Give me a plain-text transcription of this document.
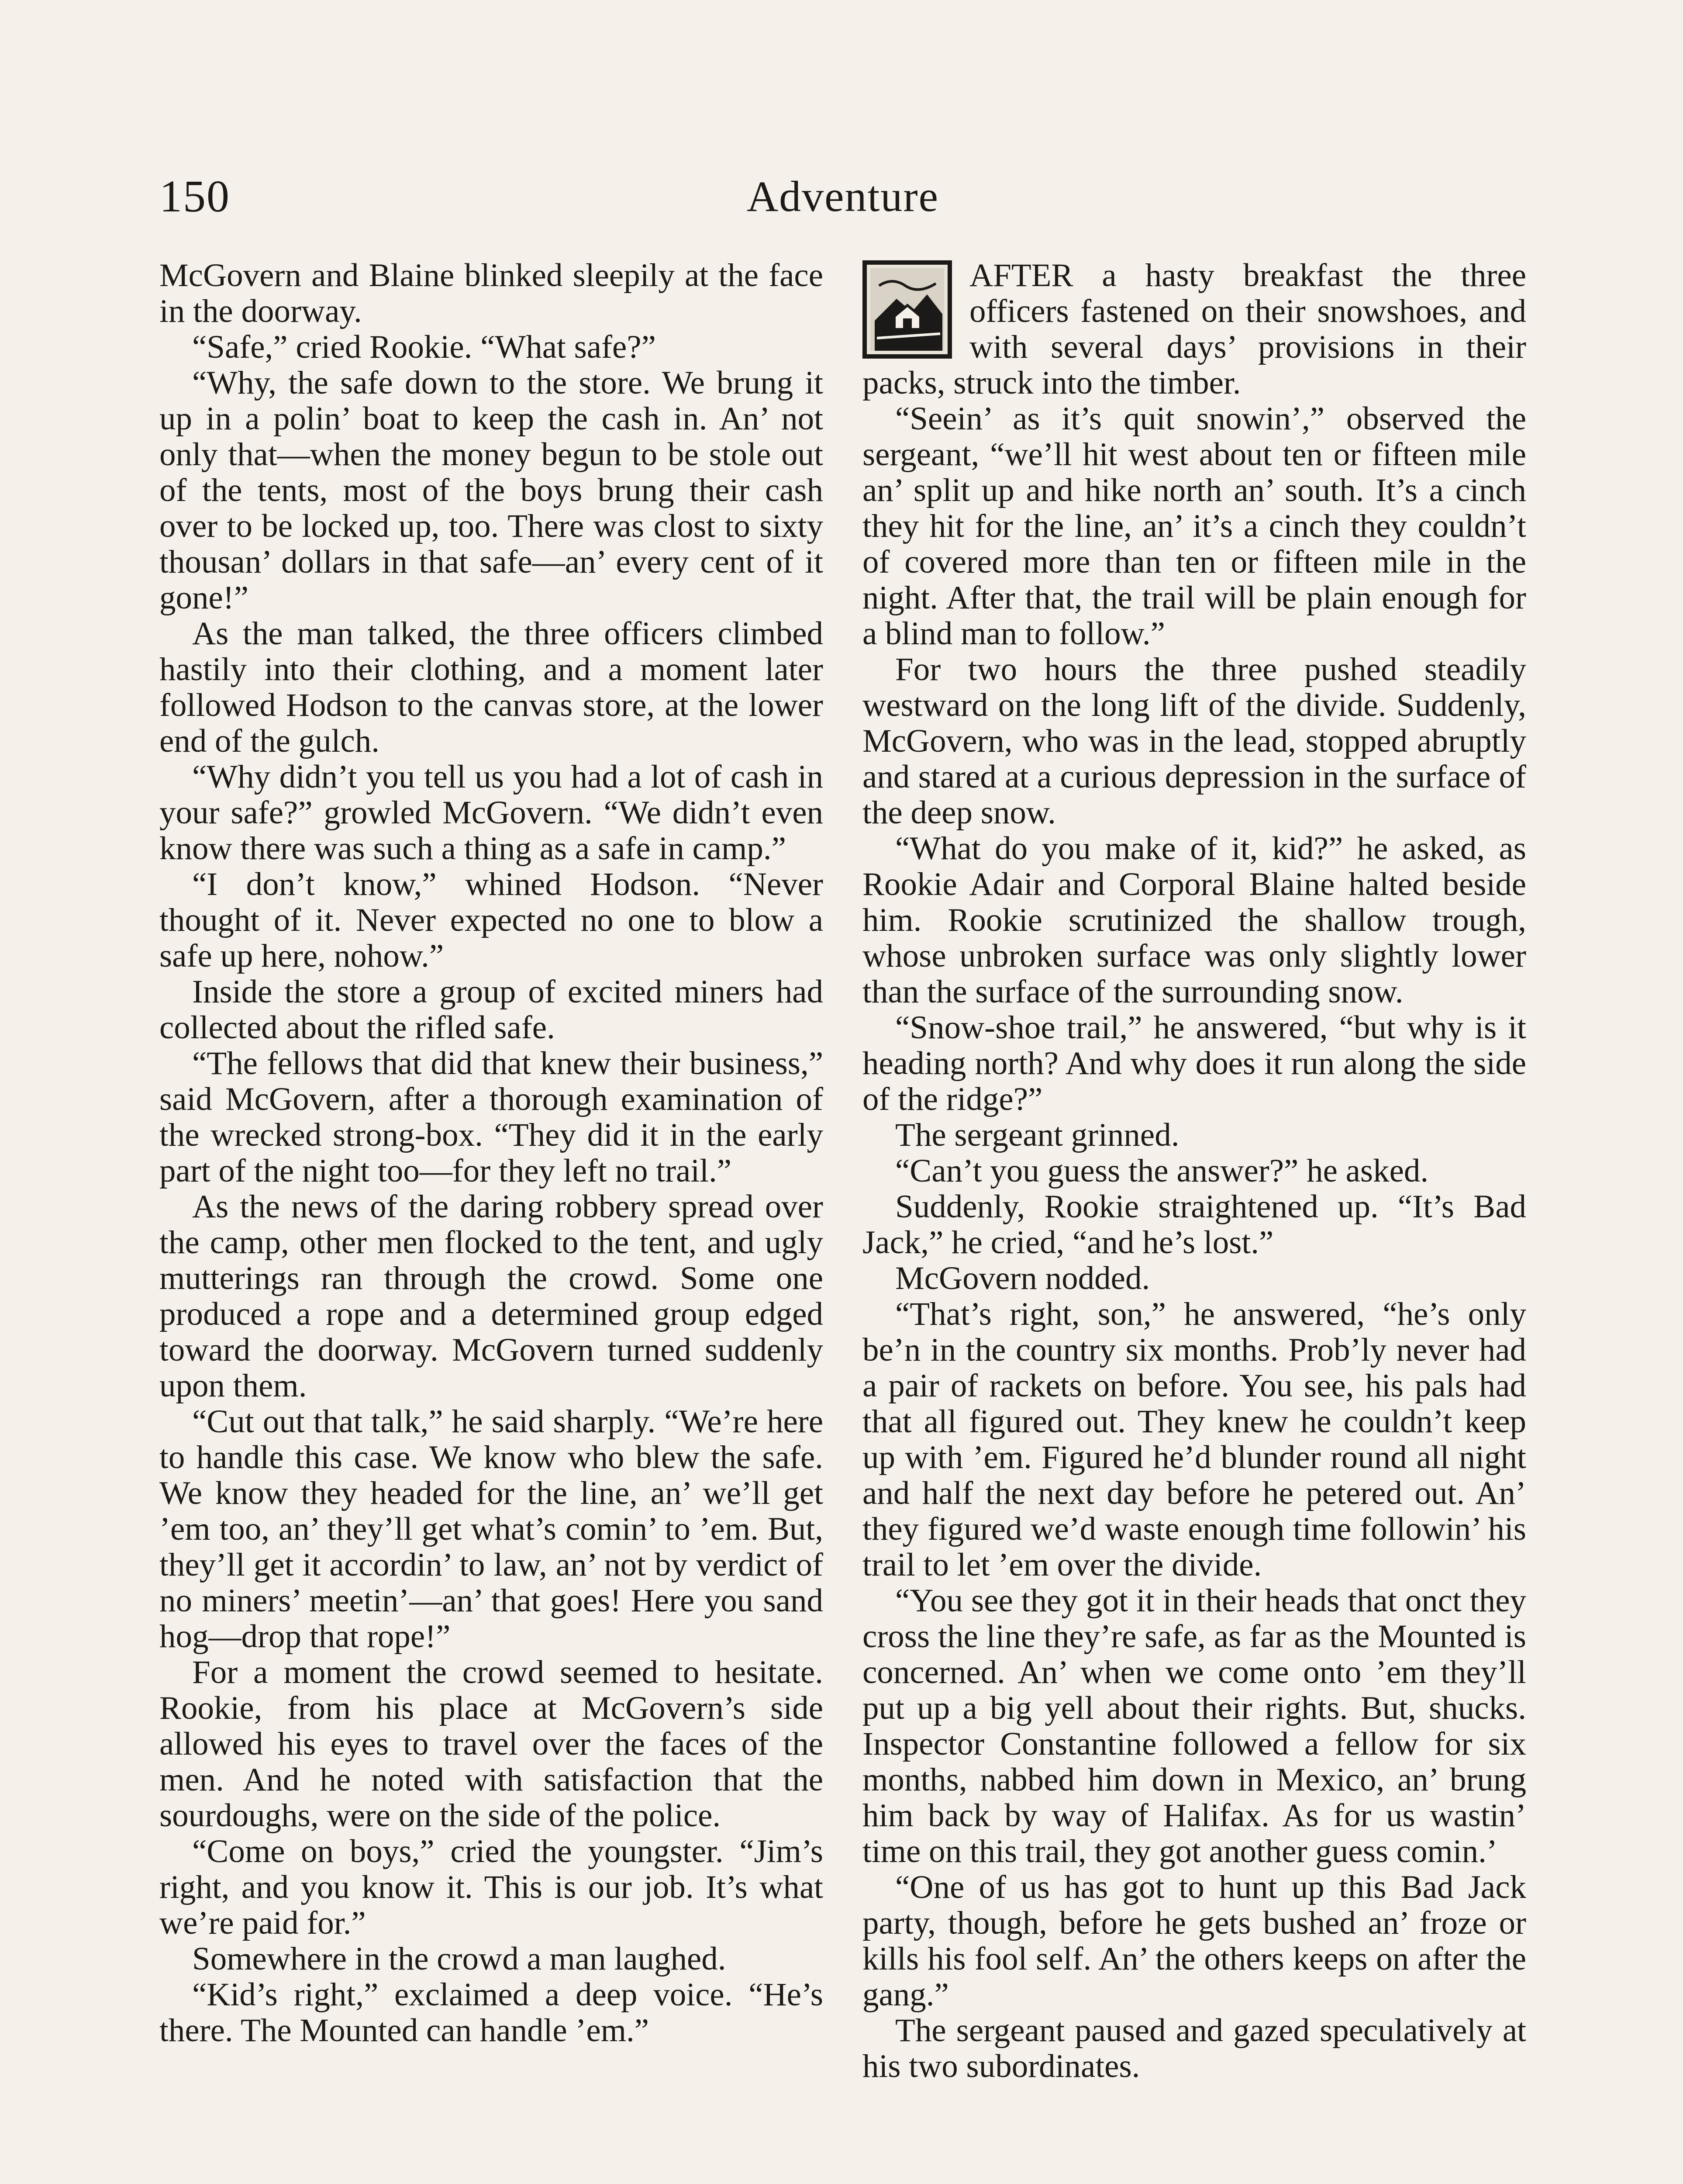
150	Adventure

McGovern and Blaine blinked sleepily at the face in the doorway.

“Safe,” cried Rookie. “What safe?”

“Why, the safe down to the store. We brung it up in a polin’ boat to keep the cash in. An’ not only that—when the money begun to be stole out of the tents, most of the boys brung their cash over to be locked up, too. There was clost to sixty thousan’ dollars in that safe—an’ every cent of it gone!”

As the man talked, the three officers climbed hastily into their clothing, and a moment later followed Hodson to the canvas store, at the lower end of the gulch.

“Why didn’t you tell us you had a lot of cash in your safe?” growled McGovern. “We didn’t even know there was such a thing as a safe in camp.”

“I don’t know,” whined Hodson. “Never thought of it. Never expected no one to blow a safe up here, nohow.”

Inside the store a group of excited miners had collected about the rifled safe.

“The fellows that did that knew their business,” said McGovern, after a thorough examination of the wrecked strong-box. “They did it in the early part of the night too—for they left no trail.”

As the news of the daring robbery spread over the camp, other men flocked to the tent, and ugly mutterings ran through the crowd. Some one produced a rope and a determined group edged toward the doorway. McGovern turned suddenly upon them.

“Cut out that talk,” he said sharply. “We’re here to handle this case. We know who blew the safe. We know they headed for the line, an’ we’ll get ’em too, an’ they’ll get what’s comin’ to ’em. But, they’ll get it accordin’ to law, an’ not by verdict of no miners’ meetin’—an’ that goes! Here you sand hog—drop that rope!”

For a moment the crowd seemed to hesitate. Rookie, from his place at McGovern’s side allowed his eyes to travel over the faces of the men. And he noted with satisfaction that the sourdoughs, were on the side of the police.

“Come on boys,” cried the youngster. “Jim’s right, and you know it. This is our job. It’s what we’re paid for.”

Somewhere in the crowd a man laughed.

“Kid’s right,” exclaimed a deep voice. “He’s there. The Mounted can handle ’em.”

AFTER a hasty breakfast the three officers fastened on their snowshoes, and with several days’ provisions in their packs, struck into the timber.

“Seein’ as it’s quit snowin’,” observed the sergeant, “we’ll hit west about ten or fifteen mile an’ split up and hike north an’ south. It’s a cinch they hit for the line, an’ it’s a cinch they couldn’t of covered more than ten or fifteen mile in the night. After that, the trail will be plain enough for a blind man to follow.”

For two hours the three pushed steadily westward on the long lift of the divide. Suddenly, McGovern, who was in the lead, stopped abruptly and stared at a curious depression in the surface of the deep snow.

“What do you make of it, kid?” he asked, as Rookie Adair and Corporal Blaine halted beside him. Rookie scrutinized the shallow trough, whose unbroken surface was only slightly lower than the surface of the surrounding snow.

“Snow-shoe trail,” he answered, “but why is it heading north? And why does it run along the side of the ridge?”

The sergeant grinned.

“Can’t you guess the answer?” he asked.

Suddenly, Rookie straightened up. “It’s Bad Jack,” he cried, “and he’s lost.”

McGovern nodded.

“That’s right, son,” he answered, “he’s only be’n in the country six months. Prob’ly never had a pair of rackets on before. You see, his pals had that all figured out. They knew he couldn’t keep up with ’em. Figured he’d blunder round all night and half the next day before he petered out. An’ they figured we’d waste enough time followin’ his trail to let ’em over the divide.

“You see they got it in their heads that onct they cross the line they’re safe, as far as the Mounted is concerned. An’ when we come onto ’em they’ll put up a big yell about their rights. But, shucks. Inspector Constantine followed a fellow for six months, nabbed him down in Mexico, an’ brung him back by way of Halifax. As for us wastin’ time on this trail, they got another guess comin.’

“One of us has got to hunt up this Bad Jack party, though, before he gets bushed an’ froze or kills his fool self. An’ the others keeps on after the gang.”

The sergeant paused and gazed speculatively at his two subordinates.
